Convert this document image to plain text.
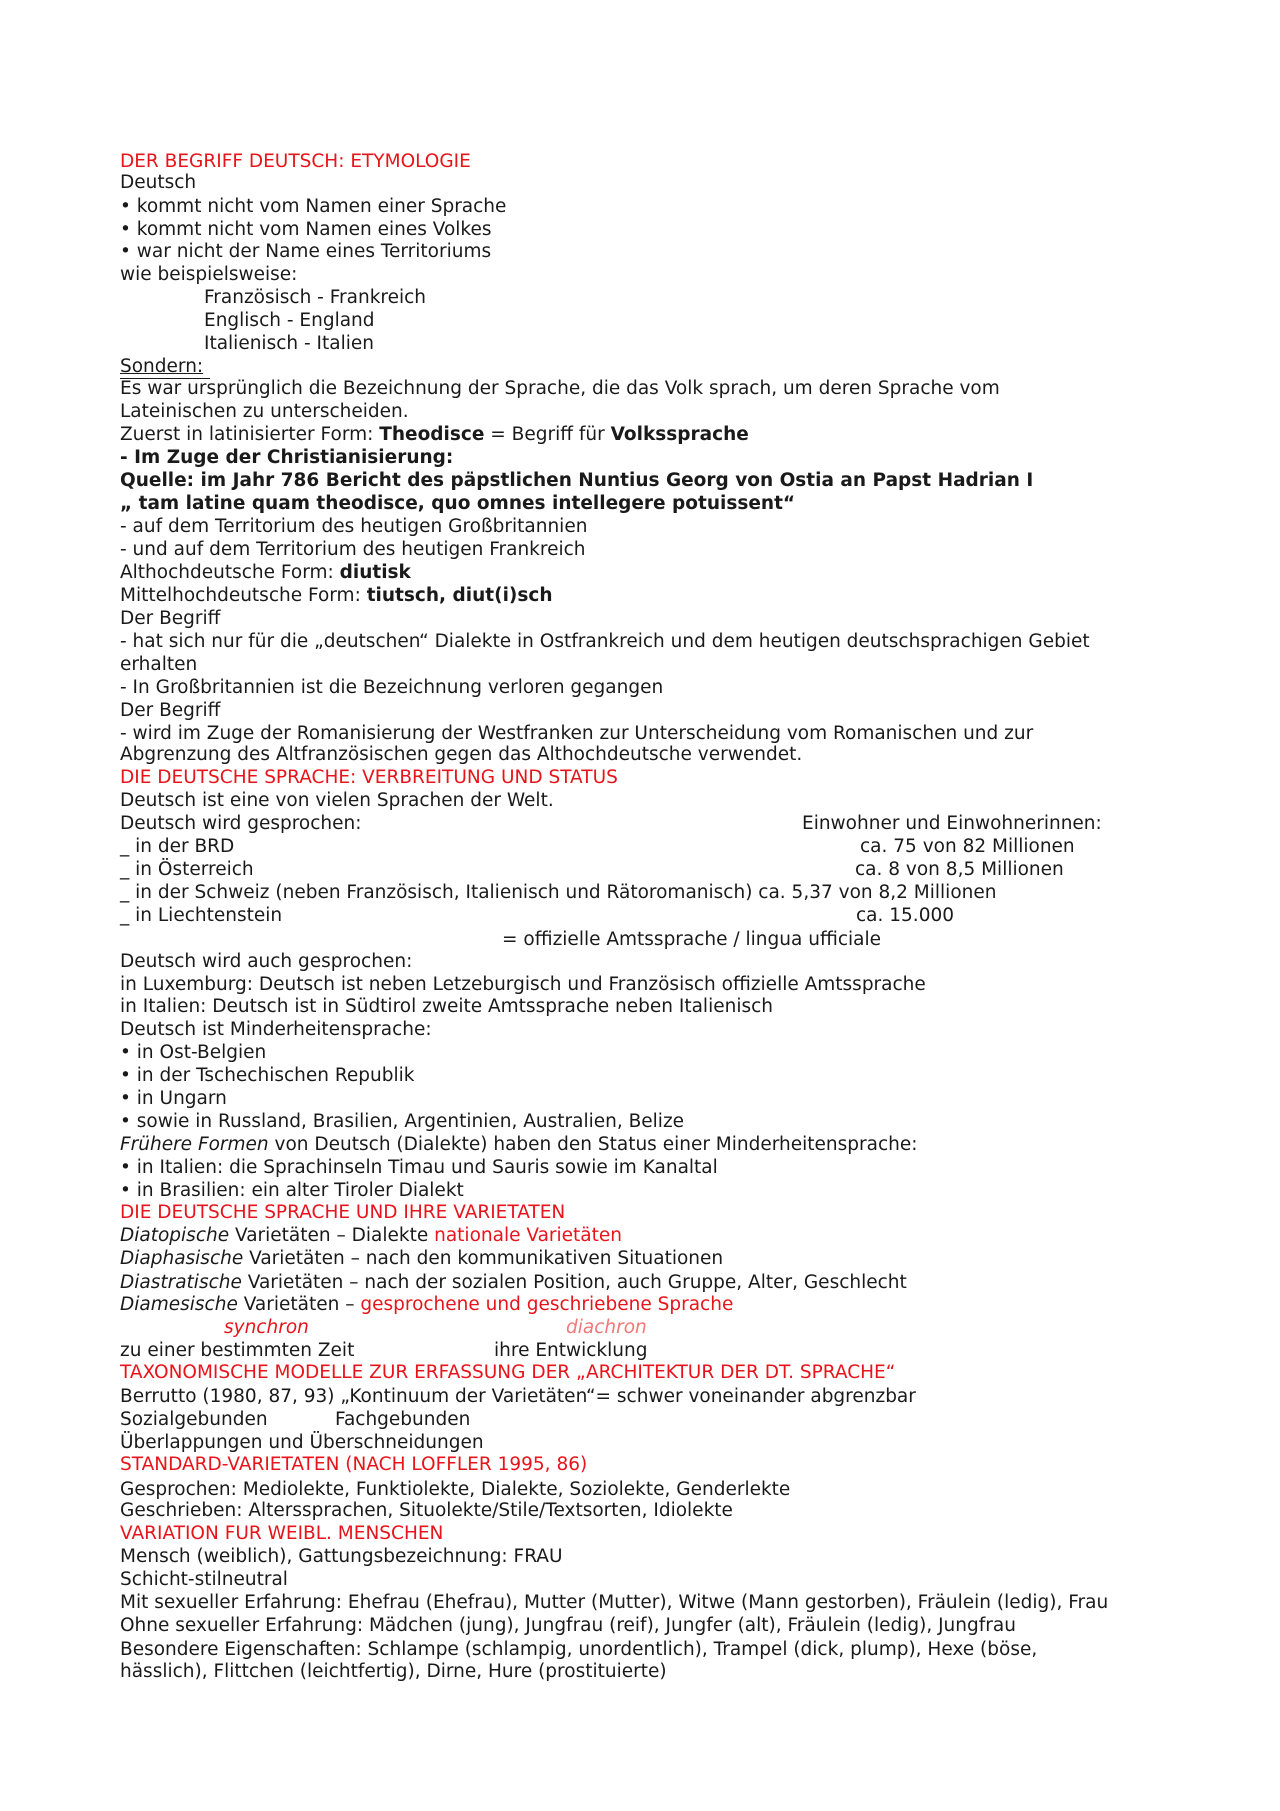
DER BEGRIFF DEUTSCH: ETYMOLOGIE
Deutsch
• kommt nicht vom Namen einer Sprache
• kommt nicht vom Namen eines Volkes
• war nicht der Name eines Territoriums
wie beispielsweise:
Französisch - Frankreich
Englisch - England
Italienisch - Italien
Sondern:
Es war ursprünglich die Bezeichnung der Sprache, die das Volk sprach, um deren Sprache vom
Lateinischen zu unterscheiden.
Zuerst in latinisierter Form: Theodisce = Begriff für Volkssprache
- Im Zuge der Christianisierung:
Quelle: im Jahr 786 Bericht des päpstlichen Nuntius Georg von Ostia an Papst Hadrian I
„ tam latine quam theodisce, quo omnes intellegere potuissent“
- auf dem Territorium des heutigen Großbritannien
- und auf dem Territorium des heutigen Frankreich
Althochdeutsche Form: diutisk
Mittelhochdeutsche Form: tiutsch, diut(i)sch
Der Begriff
- hat sich nur für die „deutschen“ Dialekte in Ostfrankreich und dem heutigen deutschsprachigen Gebiet
erhalten
- In Großbritannien ist die Bezeichnung verloren gegangen
Der Begriff
- wird im Zuge der Romanisierung der Westfranken zur Unterscheidung vom Romanischen und zur
Abgrenzung des Altfranzösischen gegen das Althochdeutsche verwendet.
DIE DEUTSCHE SPRACHE: VERBREITUNG UND STATUS
Deutsch ist eine von vielen Sprachen der Welt.
Deutsch wird gesprochen:	Einwohner und Einwohnerinnen:
_ in der BRD	ca. 75 von 82 Millionen
_ in Österreich	ca. 8 von 8,5 Millionen
_ in der Schweiz (neben Französisch, Italienisch und Rätoromanisch) ca. 5,37 von 8,2 Millionen
_ in Liechtenstein	ca. 15.000
= offizielle Amtssprache / lingua ufficiale
Deutsch wird auch gesprochen:
in Luxemburg: Deutsch ist neben Letzeburgisch und Französisch offizielle Amtssprache
in Italien: Deutsch ist in Südtirol zweite Amtssprache neben Italienisch
Deutsch ist Minderheitensprache:
• in Ost-Belgien
• in der Tschechischen Republik
• in Ungarn
• sowie in Russland, Brasilien, Argentinien, Australien, Belize
Frühere Formen von Deutsch (Dialekte) haben den Status einer Minderheitensprache:
• in Italien: die Sprachinseln Timau und Sauris sowie im Kanaltal
• in Brasilien: ein alter Tiroler Dialekt
DIE DEUTSCHE SPRACHE UND IHRE VARIETATEN
Diatopische Varietäten – Dialekte nationale Varietäten
Diaphasische Varietäten – nach den kommunikativen Situationen
Diastratische Varietäten – nach der sozialen Position, auch Gruppe, Alter, Geschlecht
Diamesische Varietäten – gesprochene und geschriebene Sprache
synchron	diachron
zu einer bestimmten Zeit	ihre Entwicklung
TAXONOMISCHE MODELLE ZUR ERFASSUNG DER „ARCHITEKTUR DER DT. SPRACHE“
Berrutto (1980, 87, 93) „Kontinuum der Varietäten“= schwer voneinander abgrenzbar
Sozialgebunden	Fachgebunden
Überlappungen und Überschneidungen
STANDARD-VARIETATEN (NACH LOFFLER 1995, 86)
Gesprochen: Mediolekte, Funktiolekte, Dialekte, Soziolekte, Genderlekte
Geschrieben: Alterssprachen, Situolekte/Stile/Textsorten, Idiolekte
VARIATION FUR WEIBL. MENSCHEN
Mensch (weiblich), Gattungsbezeichnung: FRAU
Schicht-stilneutral
Mit sexueller Erfahrung: Ehefrau (Ehefrau), Mutter (Mutter), Witwe (Mann gestorben), Fräulein (ledig), Frau
Ohne sexueller Erfahrung: Mädchen (jung), Jungfrau (reif), Jungfer (alt), Fräulein (ledig), Jungfrau
Besondere Eigenschaften: Schlampe (schlampig, unordentlich), Trampel (dick, plump), Hexe (böse,
hässlich), Flittchen (leichtfertig), Dirne, Hure (prostituierte)
